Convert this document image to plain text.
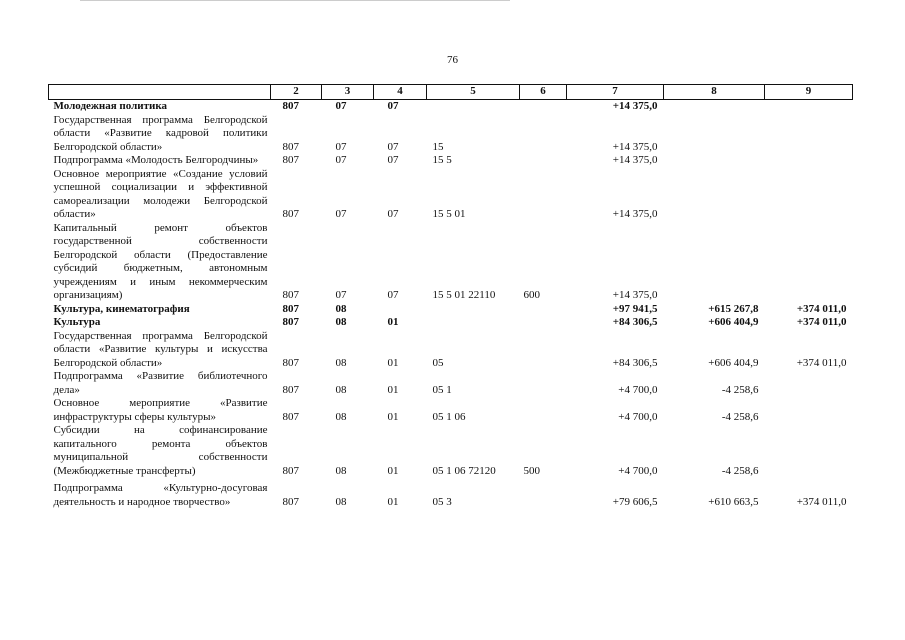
76
	2	3	4	5	6	7	8	9
Молодежная политика	807	07	07			+14 375,0		
Государственная программа Белгородской области «Развитие кадровой политики Белгородской области»	807	07	07	15		+14 375,0		
Подпрограмма «Молодость Белгородчины»	807	07	07	15 5		+14 375,0		
Основное мероприятие «Создание условий успешной социализации и эффективной самореализации молодежи Белгородской области»	807	07	07	15 5 01		+14 375,0		
Капитальный ремонт объектов государственной собственности Белгородской области (Предоставление субсидий бюджетным, автономным учреждениям и иным некоммерческим организациям)	807	07	07	15 5 01 22110	600	+14 375,0		
Культура, кинематография	807	08				+97 941,5	+615 267,8	+374 011,0
Культура	807	08	01			+84 306,5	+606 404,9	+374 011,0
Государственная программа Белгородской области «Развитие культуры и искусства Белгородской области»	807	08	01	05		+84 306,5	+606 404,9	+374 011,0
Подпрограмма «Развитие библиотечного дела»	807	08	01	05 1		+4 700,0	-4 258,6	
Основное мероприятие «Развитие инфраструктуры сферы культуры»	807	08	01	05 1 06		+4 700,0	-4 258,6	
Субсидии на софинансирование капитального ремонта объектов муниципальной собственности (Межбюджетные трансферты)	807	08	01	05 1 06 72120	500	+4 700,0	-4 258,6	

Подпрограмма «Культурно-досуговая деятельность и народное творчество»	807	08	01	05 3		+79 606,5	+610 663,5	+374 011,0
